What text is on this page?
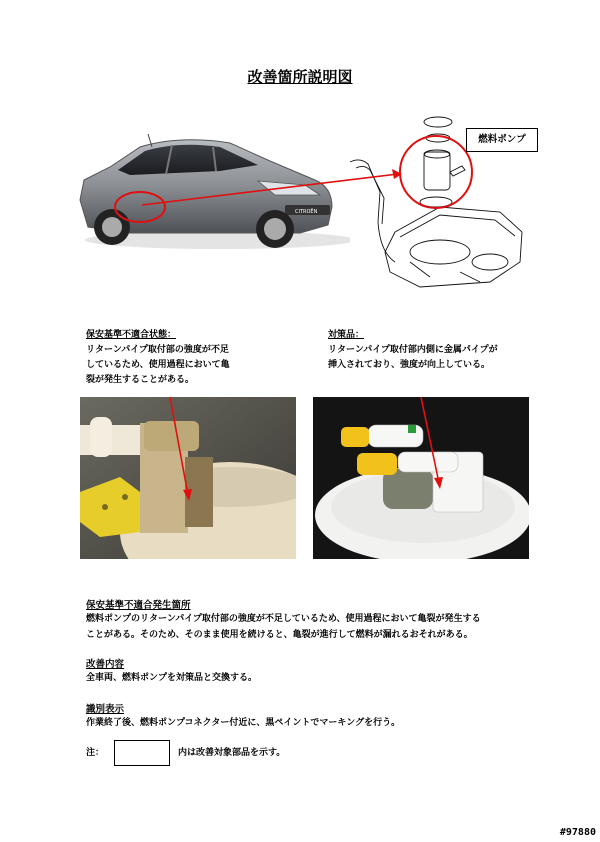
改善箇所説明図
CITROËN
燃料ポンプ
保安基準不適合状態：
リターンパイプ取付部の強度が不足
しているため、使用過程において亀
裂が発生することがある。
対策品：
リターンパイプ取付部内側に金属パイプが
挿入されており、強度が向上している。
保安基準不適合発生箇所
燃料ポンプのリターンパイプ取付部の強度が不足しているため、使用過程において亀裂が発生する
ことがある。そのため、そのまま使用を続けると、亀裂が進行して燃料が漏れるおそれがある。
改善内容
全車両、燃料ポンプを対策品と交換する。
識別表示
作業終了後、燃料ポンプコネクター付近に、黒ペイントでマーキングを行う。
注：	内は改善対象部品を示す。
#97880
